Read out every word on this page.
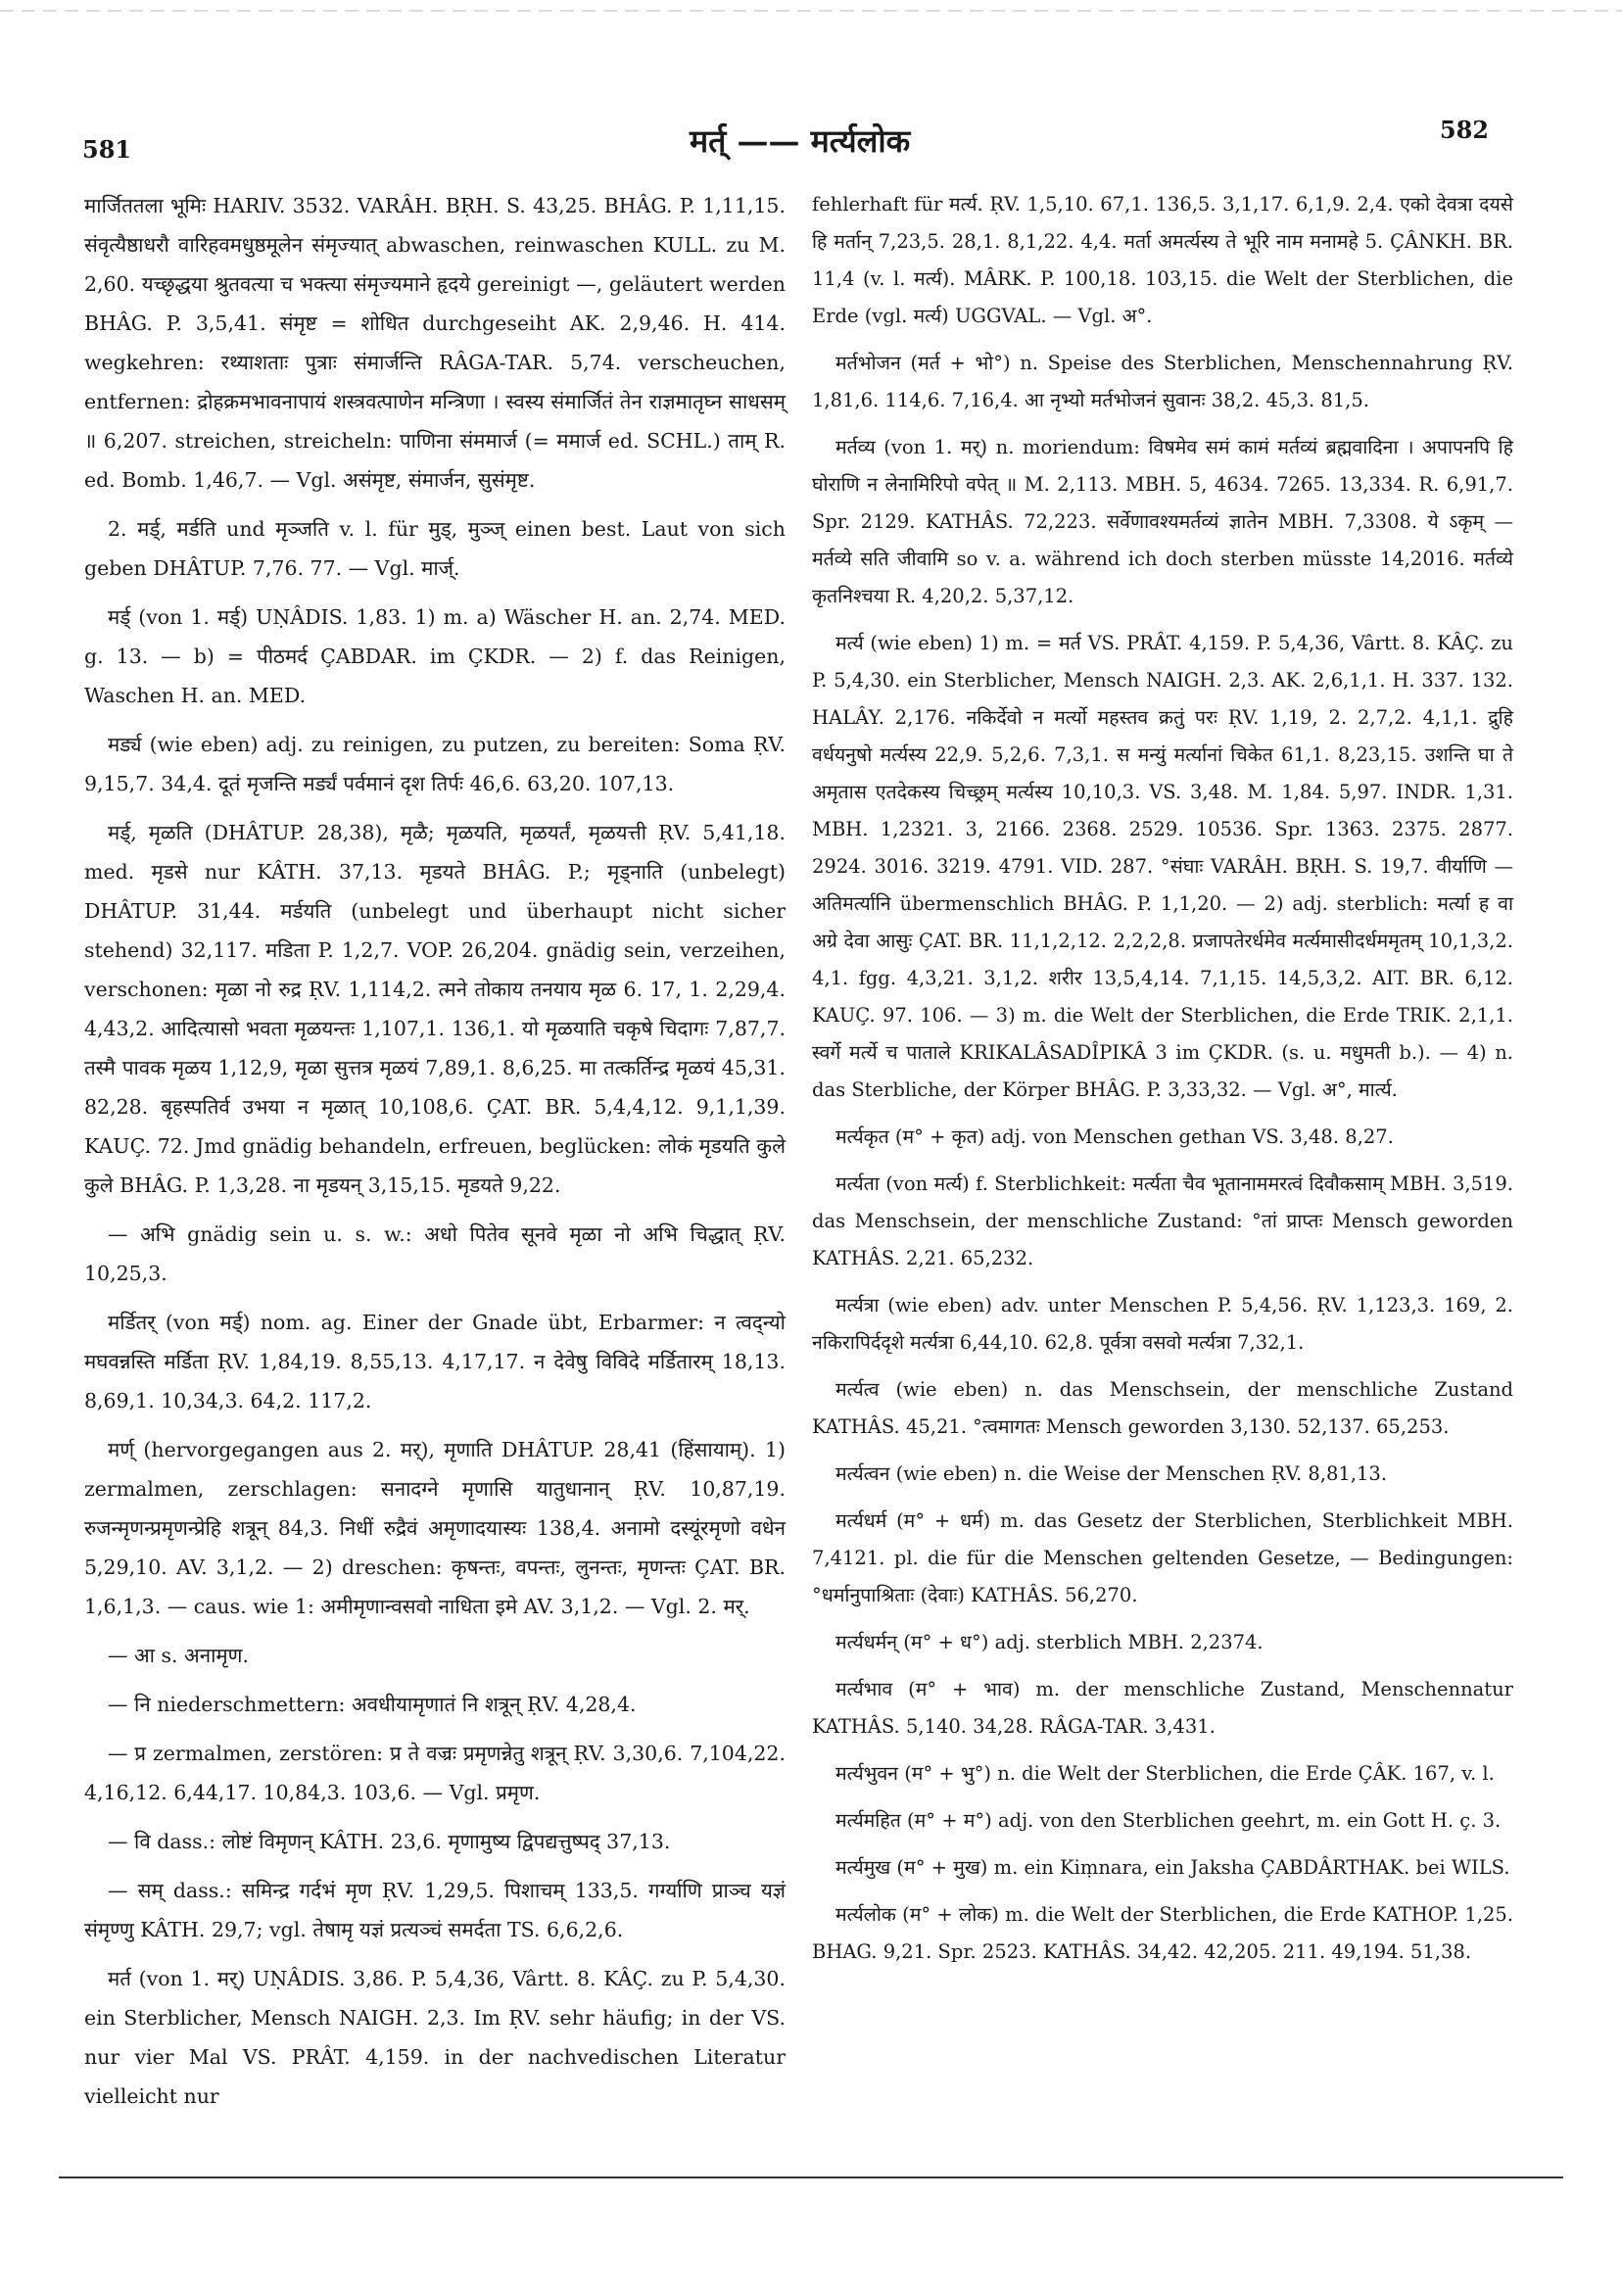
581	मर्त् —— मर्त्यलोक	582

मार्जिततला भूमिः HARIV. 3532. VARÂH. BṚH. S. 43,25. BHÂG. P. 1,11,15. संवृत्यैष्ठाधरौ वारिहवमधुष्ठमूलेन संमृज्यात् abwaschen, reinwaschen KULL. zu M. 2,60. यच्छृद्धया श्रुतवत्या च भक्त्या संमृज्यमाने हृदये gereinigt —, geläutert werden BHÂG. P. 3,5,41. संमृष्ट = शोधित durchgeseiht AK. 2,9,46. H. 414. wegkehren: रथ्याशताः पुत्राः संमार्जन्ति RÂGA-TAR. 5,74. verscheuchen, entfernen: द्रोहक्रमभावनापायं शस्त्रवत्पाणेन मन्त्रिणा । स्वस्य संमार्जितं तेन राज्ञमातृघ्न साधसम् ॥ 6,207. streichen, streicheln: पाणिना संममार्ज (= ममार्ज ed. SCHL.) ताम् R. ed. Bomb. 1,46,7. — Vgl. असंमृष्ट, संमार्जन, सुसंमृष्ट.

2. मर्ड्, मर्डति und मृञ्जति v. l. für मुड्, मुञ्ज् einen best. Laut von sich geben DHÂTUP. 7,76. 77. — Vgl. मार्ज्.

मर्ड् (von 1. मर्ड्) UṆÂDIS. 1,83. 1) m. a) Wäscher H. an. 2,74. MED. g. 13. — b) = पीठमर्द ÇABDAR. im ÇKDR. — 2) f. das Reinigen, Waschen H. an. MED.

मर्ड्य (wie eben) adj. zu reinigen, zu putzen, zu bereiten: Soma ṚV. 9,15,7. 34,4. दूतं मृजन्ति मर्ड्यं पर्वमानं दृश तिर्पः 46,6. 63,20. 107,13.

मर्ड्, मृळति (DHÂTUP. 28,38), मृळै; मृळयति, मृळयर्तं, मृळयत्ती ṚV. 5,41,18. med. मृडसे nur KÂTH. 37,13. मृडयते BHÂG. P.; मृड्नाति (unbelegt) DHÂTUP. 31,44. मर्डयति (unbelegt und überhaupt nicht sicher stehend) 32,117. मडिता P. 1,2,7. VOP. 26,204. gnädig sein, verzeihen, verschonen: मृळा नो रुद्र ṚV. 1,114,2. त्मने तोकाय तनयाय मृळ 6. 17, 1. 2,29,4. 4,43,2. आदित्यासो भवता मृळयन्तः 1,107,1. 136,1. यो मृळयाति चकृषे चिदागः 7,87,7. तस्मै पावक मृळय 1,12,9, मृळा सुत्तत्र मृळयं 7,89,1. 8,6,25. मा तत्कर्तिन्द्र मृळयं 45,31. 82,28. बृहस्पतिर्व उभया न मृळात् 10,108,6. ÇAT. BR. 5,4,4,12. 9,1,1,39. KAUÇ. 72. Jmd gnädig behandeln, erfreuen, beglücken: लोकं मृडयति कुले कुले BHÂG. P. 1,3,28. ना मृडयन् 3,15,15. मृडयते 9,22.

— अभि gnädig sein u. s. w.: अधो पितेव सूनवे मृळा नो अभि चिद्धात् ṚV. 10,25,3.

मर्डितर् (von मर्ड्) nom. ag. Einer der Gnade übt, Erbarmer: न त्वद्न्यो मघवन्नस्ति मर्डिता ṚV. 1,84,19. 8,55,13. 4,17,17. न देवेषु विविदे मर्डितारम् 18,13. 8,69,1. 10,34,3. 64,2. 117,2.

मर्ण् (hervorgegangen aus 2. मर्), मृणाति DHÂTUP. 28,41 (हिंसायाम्). 1) zermalmen, zerschlagen: सनादग्ने मृणासि यातुधानान् ṚV. 10,87,19. रुजन्मृणन्प्रमृणन्प्रेहि शत्रून् 84,3. निधीं रुद्रैवं अमृणादयास्यः 138,4. अनामो दस्यूंरमृणो वधेन 5,29,10. AV. 3,1,2. — 2) dreschen: कृषन्तः, वपन्तः, लुनन्तः, मृणन्तः ÇAT. BR. 1,6,1,3. — caus. wie 1: अमीमृणान्वसवो नाधिता इमे AV. 3,1,2. — Vgl. 2. मर्.

— आ s. अनामृण.

— नि niederschmettern: अवधीयामृणातं नि शत्रून् ṚV. 4,28,4.

— प्र zermalmen, zerstören: प्र ते वज्रः प्रमृणन्नेतु शत्रून् ṚV. 3,30,6. 7,104,22. 4,16,12. 6,44,17. 10,84,3. 103,6. — Vgl. प्रमृण.

— वि dass.: लोष्टं विमृणन् KÂTH. 23,6. मृणामुष्य द्विपद्यत्तुष्पद् 37,13.

— सम् dass.: समिन्द्र गर्दभं मृण ṚV. 1,29,5. पिशाचम् 133,5. गर्ग्याणि प्राञ्च यज्ञं संमृण्णु KÂTH. 29,7; vgl. तेषामृ यज्ञं प्रत्यञ्चं समर्दता TS. 6,6,2,6.

मर्त (von 1. मर्) UṆÂDIS. 3,86. P. 5,4,36, Vârtt. 8. KÂÇ. zu P. 5,4,30. ein Sterblicher, Mensch NAIGH. 2,3. Im ṚV. sehr häufig; in der VS. nur vier Mal VS. PRÂT. 4,159. in der nachvedischen Literatur vielleicht nur

fehlerhaft für मर्त्य. ṚV. 1,5,10. 67,1. 136,5. 3,1,17. 6,1,9. 2,4. एको देवत्रा दयसे हि मर्तान् 7,23,5. 28,1. 8,1,22. 4,4. मर्ता अमर्त्यस्य ते भूरि नाम मनामहे 5. ÇÂNKH. BR. 11,4 (v. l. मर्त्य). MÂRK. P. 100,18. 103,15. die Welt der Sterblichen, die Erde (vgl. मर्त्य) UGGVAL. — Vgl. अ°.

मर्तभोजन (मर्त + भो°) n. Speise des Sterblichen, Menschennahrung ṚV. 1,81,6. 114,6. 7,16,4. आ नृभ्यो मर्तभोजनं सुवानः 38,2. 45,3. 81,5.

मर्तव्य (von 1. मर्) n. moriendum: विषमेव समं कामं मर्तव्यं ब्रह्मवादिना । अपापनपि हि घोराणि न लेनामिरिपो वपेत् ॥ M. 2,113. MBH. 5, 4634. 7265. 13,334. R. 6,91,7. Spr. 2129. KATHÂS. 72,223. सर्वेणावश्यमर्तव्यं ज्ञातेन MBH. 7,3308. ये ऽकृम् — मर्तव्ये सति जीवामि so v. a. während ich doch sterben müsste 14,2016. मर्तव्ये कृतनिश्चया R. 4,20,2. 5,37,12.

मर्त्य (wie eben) 1) m. = मर्त VS. PRÂT. 4,159. P. 5,4,36, Vârtt. 8. KÂÇ. zu P. 5,4,30. ein Sterblicher, Mensch NAIGH. 2,3. AK. 2,6,1,1. H. 337. 132. HALÂY. 2,176. नकिर्देवो न मर्त्यो महस्तव क्रतुं परः ṚV. 1,19, 2. 2,7,2. 4,1,1. द्रुहि वर्धयनुषो मर्त्यस्य 22,9. 5,2,6. 7,3,1. स मन्युं मर्त्यानां चिकेत 61,1. 8,23,15. उशन्ति घा ते अमृतास एतदेकस्य चिच्छ्रम् मर्त्यस्य 10,10,3. VS. 3,48. M. 1,84. 5,97. INDR. 1,31. MBH. 1,2321. 3, 2166. 2368. 2529. 10536. Spr. 1363. 2375. 2877. 2924. 3016. 3219. 4791. VID. 287. °संघाः VARÂH. BṚH. S. 19,7. वीर्याणि — अतिमर्त्यानि übermenschlich BHÂG. P. 1,1,20. — 2) adj. sterblich: मर्त्या ह वा अग्रे देवा आसुः ÇAT. BR. 11,1,2,12. 2,2,2,8. प्रजापतेरर्धमेव मर्त्यमासीदर्धममृतम् 10,1,3,2. 4,1. fgg. 4,3,21. 3,1,2. शरीर 13,5,4,14. 7,1,15. 14,5,3,2. AIT. BR. 6,12. KAUÇ. 97. 106. — 3) m. die Welt der Sterblichen, die Erde TRIK. 2,1,1. स्वर्गे मर्त्ये च पाताले KRIKALÂSADÎPIKÂ 3 im ÇKDR. (s. u. मधुमती b.). — 4) n. das Sterbliche, der Körper BHÂG. P. 3,33,32. — Vgl. अ°, मार्त्य.

मर्त्यकृत (म° + कृत) adj. von Menschen gethan VS. 3,48. 8,27.

मर्त्यता (von मर्त्य) f. Sterblichkeit: मर्त्यता चैव भूतानाममरत्वं दिवौकसाम् MBH. 3,519. das Menschsein, der menschliche Zustand: °तां प्राप्तः Mensch geworden KATHÂS. 2,21. 65,232.

मर्त्यत्रा (wie eben) adv. unter Menschen P. 5,4,56. ṚV. 1,123,3. 169, 2. नकिरापिर्ददृशे मर्त्यत्रा 6,44,10. 62,8. पूर्वत्रा वसवो मर्त्यत्रा 7,32,1.

मर्त्यत्व (wie eben) n. das Menschsein, der menschliche Zustand KATHÂS. 45,21. °त्वमागतः Mensch geworden 3,130. 52,137. 65,253.

मर्त्यत्वन (wie eben) n. die Weise der Menschen ṚV. 8,81,13.

मर्त्यधर्म (म° + धर्म) m. das Gesetz der Sterblichen, Sterblichkeit MBH. 7,4121. pl. die für die Menschen geltenden Gesetze, — Bedingungen: °धर्मानुपाश्रिताः (देवाः) KATHÂS. 56,270.

मर्त्यधर्मन् (म° + ध°) adj. sterblich MBH. 2,2374.

मर्त्यभाव (म° + भाव) m. der menschliche Zustand, Menschennatur KATHÂS. 5,140. 34,28. RÂGA-TAR. 3,431.

मर्त्यभुवन (म° + भु°) n. die Welt der Sterblichen, die Erde ÇÂK. 167, v. l.

मर्त्यमहित (म° + म°) adj. von den Sterblichen geehrt, m. ein Gott H. ç. 3.

मर्त्यमुख (म° + मुख) m. ein Kiṃnara, ein Jaksha ÇABDÂRTHAK. bei WILS.

मर्त्यलोक (म° + लोक) m. die Welt der Sterblichen, die Erde KATHOP. 1,25. BHAG. 9,21. Spr. 2523. KATHÂS. 34,42. 42,205. 211. 49,194. 51,38.
